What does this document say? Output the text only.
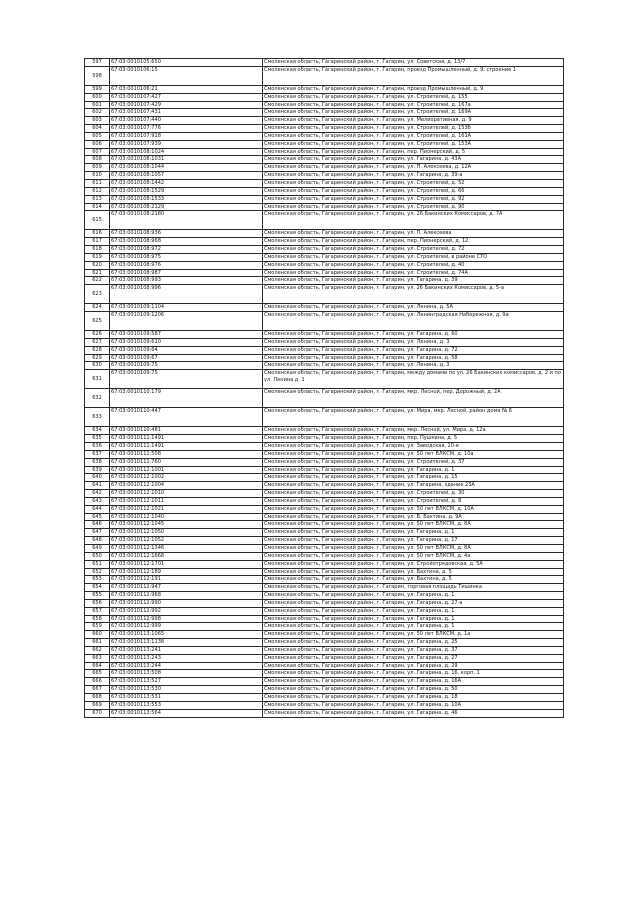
597	67:03:0010105:650	Смоленская область, Гагаринский район, г. Гагарин, ул. Советская, д. 13/7
598	67:03:0010106:15	Смоленская область, Гагаринский район, г. Гагарин, проезд Промышленный, д. 9, строение 1
599	67:03:0010106:21	Смоленская область, Гагаринский район, г. Гагарин, проезд Промышленный, д. 9
600	67:03:0010107:427	Смоленская область, Гагаринский район, г. Гагарин, ул. Строителей, д. 155
601	67:03:0010107:429	Смоленская область, Гагаринский район, г. Гагарин, ул. Строителей, д. 167а
602	67:03:0010107:431	Смоленская область, Гагаринский район, г. Гагарин, ул. Строителей, д. 169А
603	67:03:0010107:440	Смоленская область, Гагаринский район, г. Гагарин, ул. Мелиоративная, д. 9
604	67:03:0010107:776	Смоленская область, Гагаринский район, г. Гагарин, ул. Строителей, д. 153б
605	67:03:0010107:918	Смоленская область, Гагаринский район, г. Гагарин, ул. Строителей, д. 161А
606	67:03:0010107:939	Смоленская область, Гагаринский район, г. Гагарин, ул. Строителей, д. 153А
607	67:03:0010108:1024	Смоленская область, Гагаринский район, г. Гагарин, пер. Пионерский, д. 5
608	67:03:0010108:1031	Смоленская область, Гагаринский район, г. Гагарин, ул. Гагарина, д. 43А
609	67:03:0010108:1044	Смоленская область, Гагаринский район, г. Гагарин, ул. П. Алексеева, д. 12А
610	67:03:0010108:1057	Смоленская область, Гагаринский район, г. Гагарин, ул. Гагарина, д. 39-а
611	67:03:0010108:1442	Смоленская область, Гагаринский район, г. Гагарин, ул. Строителей, д. 52
612	67:03:0010108:1529	Смоленская область, Гагаринский район, г. Гагарин, ул. Строителей, д. 66
613	67:03:0010108:1533	Смоленская область, Гагаринский район, г. Гагарин, ул. Строителей, д. 92
614	67:03:0010108:2129	Смоленская область, Гагаринский район, г. Гагарин, ул. Строителей, д. 90
615	67:03:0010108:2180	Смоленская область, Гагаринский район, г. Гагарин, ул. 26 Бакинских Комиссаров, д. 7А
616	67:03:0010108:936	Смоленская область, Гагаринский район, г. Гагарин, ул. П. Алексеева
617	67:03:0010108:968	Смоленская область, Гагаринский район, г. Гагарин, пер. Пионерский, д. 12
618	67:03:0010108:972	Смоленская область, Гагаринский район, г. Гагарин, ул. Строителей, д. 72
619	67:03:0010108:975	Смоленская область, Гагаринский район, г. Гагарин, ул. Строителей, в районе СТО
620	67:03:0010108:976	Смоленская область, Гагаринский район, г. Гагарин, ул. Строителей, д. 40
621	67:03:0010108:987	Смоленская область, Гагаринский район, г. Гагарин, ул. Строителей, д. 74А
622	67:03:0010108:993	Смоленская область, Гагаринский район, г. Гагарин, ул. Гагарина, д. 39
623	67:03:0010108:996	Смоленская область, Гагаринский район, г. Гагарин, ул. 26 Бакинских Комиссаров, д. 5-а
624	67:03:0010109:1104	Смоленская область, Гагаринский район, г. Гагарин, ул. Ленина, д. 5А
625	67:03:0010109:1206	Смоленская область, Гагаринский район, г. Гагарин, ул. Ленинградская Набережная, д. 9а
626	67:03:0010109:587	Смоленская область, Гагаринский район, г. Гагарин, ул. Гагарина, д. 60
627	67:03:0010109:610	Смоленская область, Гагаринский район, г. Гагарин, ул. Ленина, д. 3
628	67:03:0010109:64	Смоленская область, Гагаринский район, г. Гагарин, ул. Гагарина, д. 72
629	67:03:0010109:67	Смоленская область, Гагаринский район, г. Гагарин, ул. Гагарина, д. 58
630	67:03:0010109:75	Смоленская область, Гагаринский район, г. Гагарин, ул. Ленина, д. 3
631	67:03:0010109:75	Смоленская область, Гагаринский район, г. Гагарин, между домами по ул. 26 Бакинских комиссаров, д. 2 и по ул. Ленина д. 1
632	67:03:0010110:179	Смоленская область, Гагаринский район, г. Гагарин, мкр. Лесной, пер. Дорожный, д. 2А
633	67:03:0010110:447	Смоленская область, Гагаринский район, г. Гагарин, ул. Мира, мкр. Лесной, район дома № 6
634	67:03:0010110:481	Смоленская область, Гагаринский район, г. Гагарин, мкр. Лесной, ул. Мира, д. 12а
635	67:03:0010111:1491	Смоленская область, Гагаринский район, г. Гагарин, пер. Пушкина, д. 5
636	67:03:0010111:1491	Смоленская область, Гагаринский район, г. Гагарин, ул. Заводская, 20-е
637	67:03:0010111:508	Смоленская область, Гагаринский район, г. Гагарин, ул. 50 лет ВЛКСМ, д. 10а
638	67:03:0010111:760	Смоленская область, Гагаринский район, г. Гагарин, ул. Строителей, д. 37
639	67:03:0010112:1001	Смоленская область, Гагаринский район, г. Гагарин, ул. Гагарина, д. 1
640	67:03:0010112:1002	Смоленская область, Гагаринский район, г. Гагарин, ул. Гагарина, д. 15
641	67:03:0010112:1004	Смоленская область, Гагаринский район, г. Гагарин, ул. Гагарина, здание 23А
642	67:03:0010112:1010	Смоленская область, Гагаринский район, г. Гагарин, ул. Строителей, д. 30
643	67:03:0010112:1011	Смоленская область, Гагаринский район, г. Гагарин, ул. Строителей, д. 8
644	67:03:0010112:1021	Смоленская область, Гагаринский район, г. Гагарин, ул. 50 лет ВЛКСМ, д. 10А
645	67:03:0010112:1040	Смоленская область, Гагаринский район, г. Гагарин, ул. Б. Бахтина, д. 9А
646	67:03:0010112:1045	Смоленская область, Гагаринский район, г. Гагарин, ул. 50 лет ВЛКСМ, д. 8А
647	67:03:0010112:1050	Смоленская область, Гагаринский район, г. Гагарин, ул. Гагарина, д. 1
648	67:03:0010112:1052	Смоленская область, Гагаринский район, г. Гагарин, ул. Гагарина, д. 17
649	67:03:0010112:1346	Смоленская область, Гагаринский район, г. Гагарин, ул. 50 лет ВЛКСМ, д. 8А
650	67:03:0010112:1668	Смоленская область, Гагаринский район, г. Гагарин, ул. 50 лет ВЛКСМ, д. 4а
651	67:03:0010112:1701	Смоленская область, Гагаринский район, г. Гагарин, ул. Стройотрядовская, д. 5А
652	67:03:0010112:189	Смоленская область, Гагаринский район, г. Гагарин, ул. Бахтина, д. 5
653	67:03:0010112:191	Смоленская область, Гагаринский район, г. Гагарин, ул. Бахтина, д. 5
654	67:03:0010112:947	Смоленская область, Гагаринский район, г. Гагарин, торговая площадь Тишинка
655	67:03:0010112:968	Смоленская область, Гагаринский район, г. Гагарин, ул. Гагарина, д. 1
656	67:03:0010112:990	Смоленская область, Гагаринский район, г. Гагарин, ул. Гагарина, д. 27-а
657	67:03:0010112:992	Смоленская область, Гагаринский район, г. Гагарин, ул. Гагарина, д. 1
658	67:03:0010112:998	Смоленская область, Гагаринский район, г. Гагарин, ул. Гагарина, д. 1
659	67:03:0010112:999	Смоленская область, Гагаринский район, г. Гагарин, ул. Гагарина, д. 1
660	67:03:0010113:1065	Смоленская область, Гагаринский район, г. Гагарин, ул. 50 лет ВЛКСМ, д. 1а
661	67:03:0010113:1138	Смоленская область, Гагаринский район, г. Гагарин, ул. Гагарина, д. 25
662	67:03:0010113:241	Смоленская область, Гагаринский район, г. Гагарин, ул. Гагарина, д. 37
663	67:03:0010113:243	Смоленская область, Гагаринский район, г. Гагарин, ул. Гагарина, д. 27
664	67:03:0010113:244	Смоленская область, Гагаринский район, г. Гагарин, ул. Гагарина, д. 29
665	67:03:0010113:508	Смоленская область, Гагаринский район, г. Гагарин, ул. Гагарина, д. 16, корп. 1
666	67:03:0010113:527	Смоленская область, Гагаринский район, г. Гагарин, ул. Гагарина, д. 16А
667	67:03:0010113:530	Смоленская область, Гагаринский район, г. Гагарин, ул. Гагарина, д. 50
668	67:03:0010113:531	Смоленская область, Гагаринский район, г. Гагарин, ул. Гагарина, д. 18
669	67:03:0010113:553	Смоленская область, Гагаринский район, г. Гагарин, ул. Гагарина, д. 10А
670	67:03:0010113:564	Смоленская область, Гагаринский район, г. Гагарин, ул. Гагарина, д. 46
